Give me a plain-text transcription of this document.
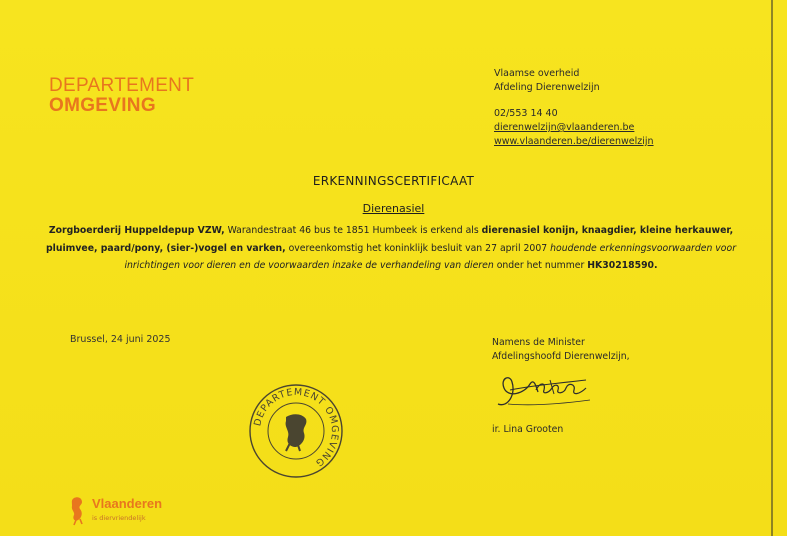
DEPARTEMENT
OMGEVING
Vlaamse overheid
Afdeling Dierenwelzijn
02/553 14 40
dierenwelzijn@vlaanderen.be
www.vlaanderen.be/dierenwelzijn
ERKENNINGSCERTIFICAAT
Dierenasiel
Zorgboerderij Huppeldepup VZW, Warandestraat 46 bus te 1851 Humbeek is erkend als dierenasiel konijn, knaagdier, kleine herkauwer, pluimvee, paard/pony, (sier-)vogel en varken, overeenkomstig het koninklijk besluit van 27 april 2007 houdende erkenningsvoorwaarden voor inrichtingen voor dieren en de voorwaarden inzake de verhandeling van dieren onder het nummer HK30218590.
Brussel, 24 juni 2025	Namens de Minister
Afdelingshoofd Dierenwelzijn,
ir. Lina Grooten
DEPARTEMENT OMGEVING
Vlaanderen
is diervriendelijk
